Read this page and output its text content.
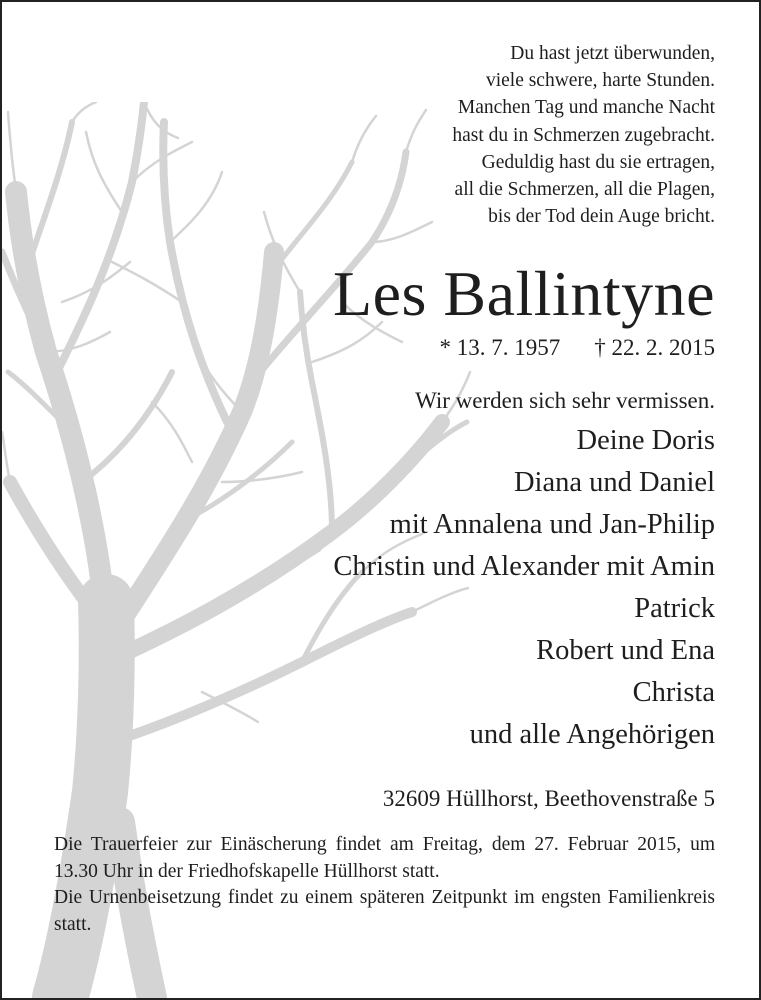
Du hast jetzt überwunden,
viele schwere, harte Stunden.
Manchen Tag und manche Nacht
hast du in Schmerzen zugebracht.
Geduldig hast du sie ertragen,
all die Schmerzen, all die Plagen,
bis der Tod dein Auge bricht.
Les Ballintyne
* 13. 7. 1957 † 22. 2. 2015
Wir werden sich sehr vermissen.
Deine Doris
Diana und Daniel
mit Annalena und Jan-Philip
Christin und Alexander mit Amin
Patrick
Robert und Ena
Christa
und alle Angehörigen
32609 Hüllhorst, Beethovenstraße 5

Die Trauerfeier zur Einäscherung findet am Freitag, dem 27. Februar 2015, um 13.30 Uhr in der Friedhofskapelle Hüllhorst statt.

Die Urnenbeisetzung findet zu einem späteren Zeitpunkt im engsten Familienkreis statt.
